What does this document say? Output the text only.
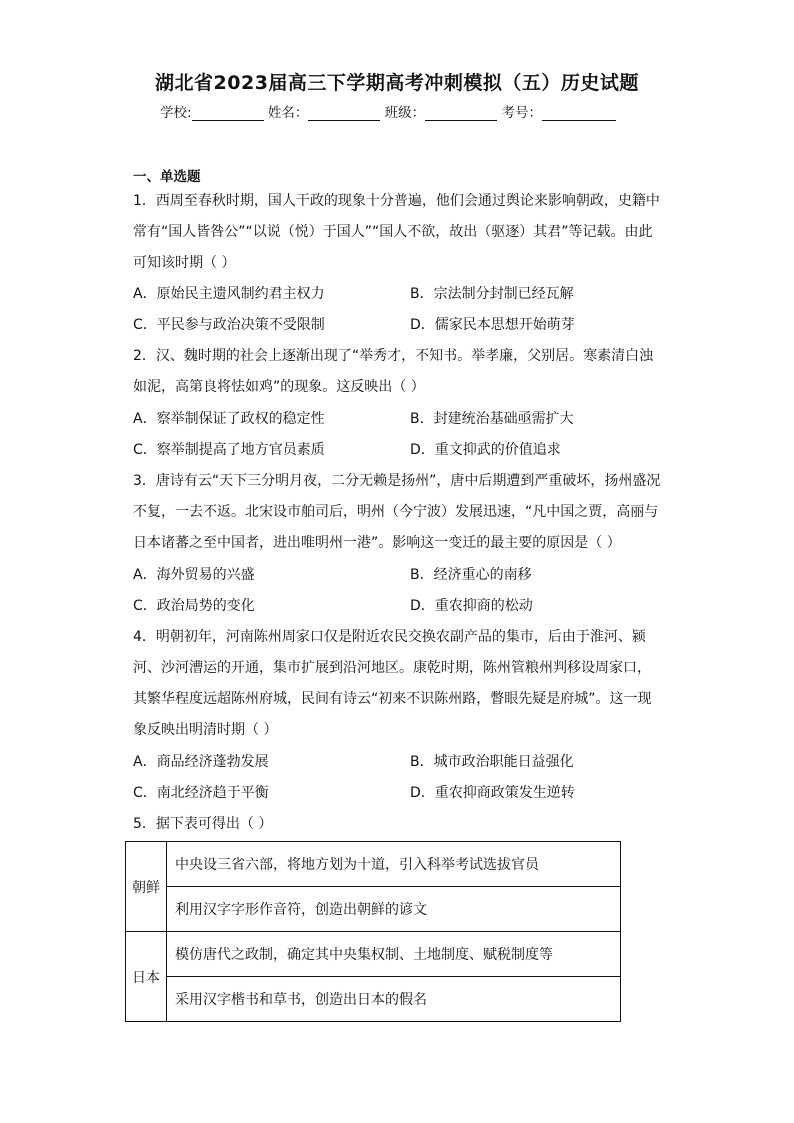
湖北省2023届高三下学期高考冲刺模拟（五）历史试题
学校:	姓名：	班级：	考号：
一、单选题
1．西周至春秋时期，国人干政的现象十分普遍，他们会通过舆论来影响朝政，史籍中常有“国人皆咎公”“以说（悦）于国人”“国人不欲，故出（驱逐）其君”等记载。由此可知该时期（ ）
A．原始民主遗风制约君主权力	B．宗法制分封制已经瓦解
C．平民参与政治决策不受限制	D．儒家民本思想开始萌芽
2．汉、魏时期的社会上逐渐出现了“举秀才，不知书。举孝廉，父别居。寒素清白浊如泥，高第良将怯如鸡”的现象。这反映出（ ）
A．察举制保证了政权的稳定性	B．封建统治基础亟需扩大
C．察举制提高了地方官员素质	D．重文抑武的价值追求
3．唐诗有云“天下三分明月夜，二分无赖是扬州”，唐中后期遭到严重破坏，扬州盛况不复，一去不返。北宋设市舶司后，明州（今宁波）发展迅速，“凡中国之贾，高丽与日本诸蕃之至中国者，进出唯明州一港”。影响这一变迁的最主要的原因是（ ）
A．海外贸易的兴盛	B．经济重心的南移
C．政治局势的变化	D．重农抑商的松动
4．明朝初年，河南陈州周家口仅是附近农民交换农副产品的集市，后由于淮河、颍河、沙河漕运的开通，集市扩展到沿河地区。康乾时期，陈州管粮州判移设周家口，其繁华程度远超陈州府城，民间有诗云“初来不识陈州路，瞥眼先疑是府城”。这一现象反映出明清时期（ ）
A．商品经济蓬勃发展	B．城市政治职能日益强化
C．南北经济趋于平衡	D．重农抑商政策发生逆转
5．据下表可得出（ ）
朝鲜	中央设三省六部，将地方划为十道，引入科举考试选拔官员
	利用汉字字形作音符，创造出朝鲜的谚文
日本	模仿唐代之政制，确定其中央集权制、土地制度、赋税制度等
	采用汉字楷书和草书，创造出日本的假名
